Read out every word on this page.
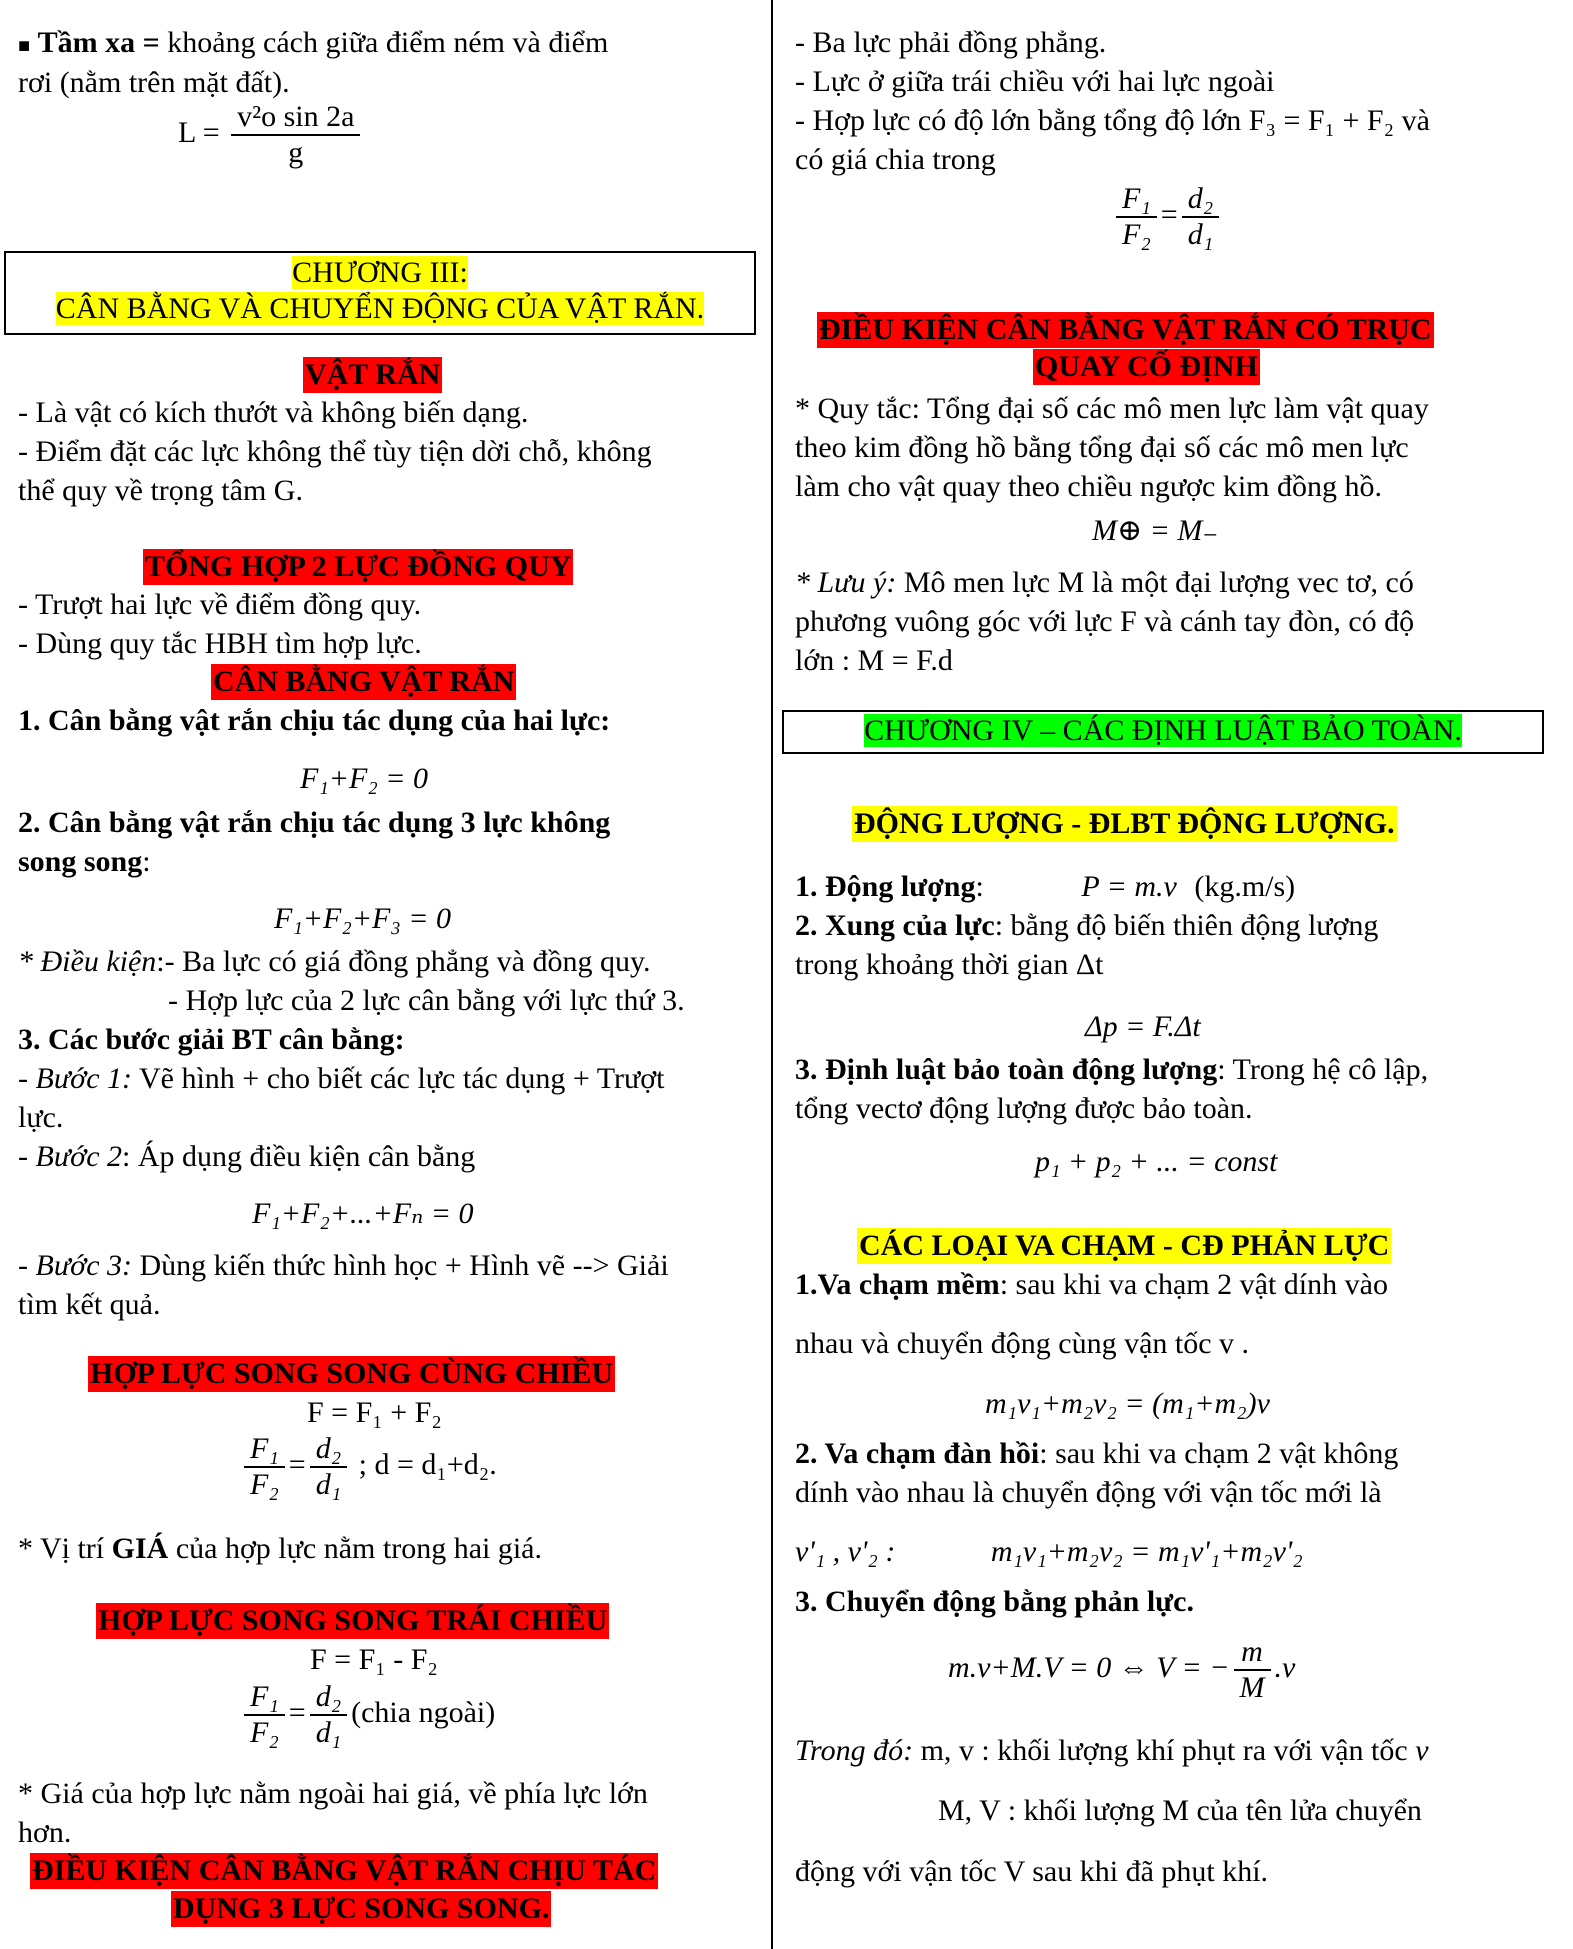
■ Tầm xa = khoảng cách giữa điểm ném và điểm
rơi (nằm trên mặt đất).
$L = \frac{\text{v²o sin 2a}}{g}$
CHƯƠNG III:
CÂN BẰNG VÀ CHUYỂN ĐỘNG CỦA VẬT RẮN.
VẬT RẮN
- Là vật có kích thướt và không biến dạng.
- Điểm đặt các lực không thể tùy tiện dời chỗ, không
thể quy về trọng tâm G.
TỔNG HỢP 2 LỰC ĐỒNG QUY
- Trượt hai lực về điểm đồng quy.
- Dùng quy tắc HBH tìm hợp lực.
CÂN BẰNG VẬT RẮN
1. Cân bằng vật rắn chịu tác dụng của hai lực:
F₁+F₂ = 0
2. Cân bằng vật rắn chịu tác dụng 3 lực không
song song:
F₁+F₂+F₃ = 0
* Điều kiện:- Ba lực có giá đồng phẳng và đồng quy.
- Hợp lực của 2 lực cân bằng với lực thứ 3.
3. Các bước giải BT cân bằng:
- Bước 1: Vẽ hình + cho biết các lực tác dụng + Trượt
lực.
- Bước 2: Áp dụng điều kiện cân bằng
F₁+F₂+...+Fₙ = 0
- Bước 3: Dùng kiến thức hình học + Hình vẽ --> Giải
tìm kết quả.
HỢP LỰC SONG SONG CÙNG CHIỀU
F = F₁ + F₂
$\frac{\text{F₁}}{\text{F₂}} = \frac{\text{d₂}}{\text{d₁}}$ ; d = d₁+d₂.
* Vị trí GIÁ của hợp lực nằm trong hai giá.
HỢP LỰC SONG SONG TRÁI CHIỀU
F = F₁ - F₂
$\frac{\text{F₁}}{\text{F₂}} = \frac{\text{d₂}}{\text{d₁}}$ (chia ngoài)
* Giá của hợp lực nằm ngoài hai giá, về phía lực lớn
hơn.
ĐIỀU KIỆN CÂN BẰNG VẬT RẮN CHỊU TÁC
DỤNG 3 LỰC SONG SONG.
- Ba lực phải đồng phẳng.
- Lực ở giữa trái chiều với hai lực ngoài
- Hợp lực có độ lớn bằng tổng độ lớn F₃ = F₁ + F₂ và
có giá chia trong
$\frac{\text{F₁}}{\text{F₂}} = \frac{\text{d₂}}{\text{d₁}}$
ĐIỀU KIỆN CÂN BẰNG VẬT RẮN CÓ TRỤC
QUAY CỐ ĐỊNH
* Quy tắc: Tổng đại số các mô men lực làm vật quay
theo kim đồng hồ bằng tổng đại số các mô men lực
làm cho vật quay theo chiều ngược kim đồng hồ.
M⊕ = M₋
* Lưu ý: Mô men lực M là một đại lượng vec tơ, có
phương vuông góc với lực F và cánh tay đòn, có độ
lớn : M = F.d
CHƯƠNG IV – CÁC ĐỊNH LUẬT BẢO TOÀN.
ĐỘNG LƯỢNG - ĐLBT ĐỘNG LƯỢNG.
1. Động lượng:	P = m.v (kg.m/s)
2. Xung của lực: bằng độ biến thiên động lượng
trong khoảng thời gian Δt
Δp = F.Δt
3. Định luật bảo toàn động lượng: Trong hệ cô lập,
tổng vectơ động lượng được bảo toàn.
p₁ + p₂ + ... = const
CÁC LOẠI VA CHẠM - CĐ PHẢN LỰC
1.Va chạm mềm: sau khi va chạm 2 vật dính vào
nhau và chuyển động cùng vận tốc v .
m₁v₁+m₂v₂ = (m₁+m₂)v
2. Va chạm đàn hồi: sau khi va chạm 2 vật không
dính vào nhau là chuyển động với vận tốc mới là
v'₁ , v'₂ :	m₁v₁+m₂v₂ = m₁v'₁+m₂v'₂
3. Chuyển động bằng phản lực.
m.v+M.V = 0 ⇔ V = − $\frac{m}{M} .v$
Trong đó: m, v : khối lượng khí phụt ra với vận tốc v
M, V : khối lượng M của tên lửa chuyển
động với vận tốc V sau khi đã phụt khí.
